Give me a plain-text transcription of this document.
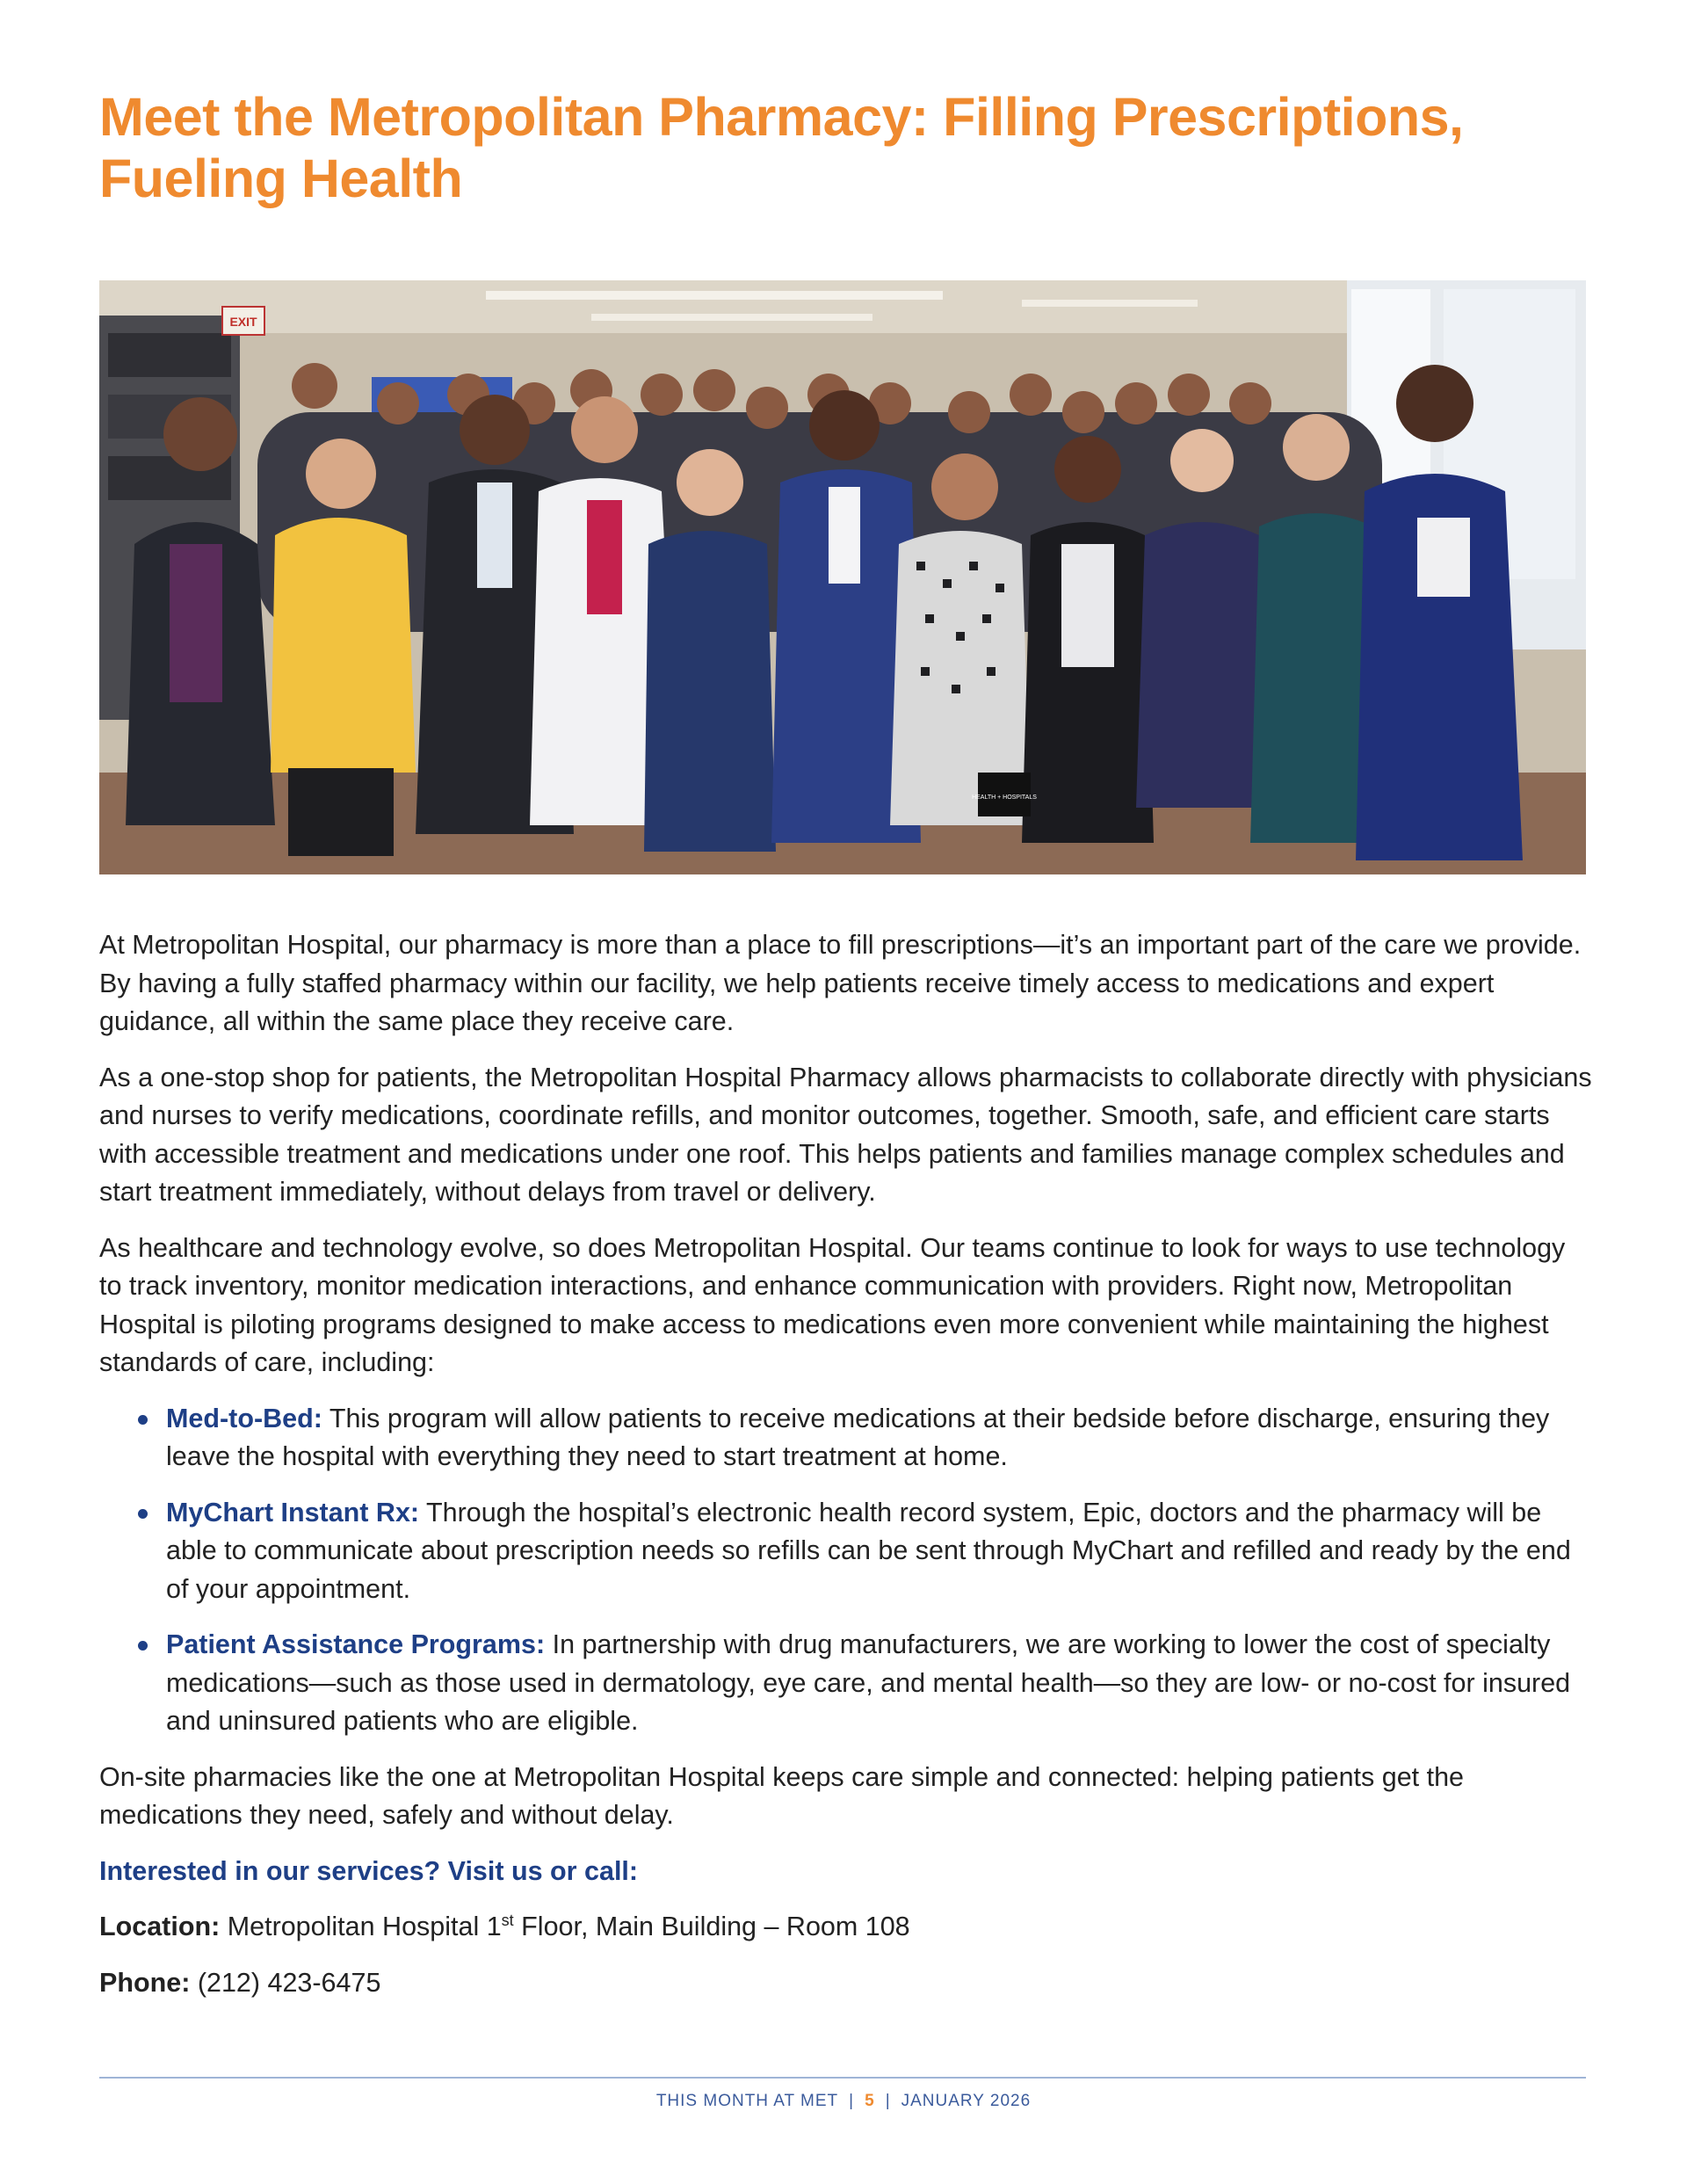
Meet the Metropolitan Pharmacy: Filling Prescriptions,
Fueling Health
EXIT
HEALTH + HOSPITALS

At Metropolitan Hospital, our pharmacy is more than a place to fill prescriptions—it’s an important part of the care we provide. By having a fully staffed pharmacy within our facility, we help patients receive timely access to medications and expert guidance, all within the same place they receive care.

As a one-stop shop for patients, the Metropolitan Hospital Pharmacy allows pharmacists to collaborate directly with physicians and nurses to verify medications, coordinate refills, and monitor outcomes, together. Smooth, safe, and efficient care starts with accessible treatment and medications under one roof. This helps patients and families manage complex schedules and start treatment immediately, without delays from travel or delivery.

As healthcare and technology evolve, so does Metropolitan Hospital. Our teams continue to look for ways to use technology to track inventory, monitor medication interactions, and enhance communication with providers. Right now, Metropolitan Hospital is piloting programs designed to make access to medications even more convenient while maintaining the highest standards of care, including:

Med-to-Bed: This program will allow patients to receive medications at their bedside before discharge, ensuring they leave the hospital with everything they need to start treatment at home.
MyChart Instant Rx: Through the hospital’s electronic health record system, Epic, doctors and the pharmacy will be able to communicate about prescription needs so refills can be sent through MyChart and refilled and ready by the end of your appointment.
Patient Assistance Programs: In partnership with drug manufacturers, we are working to lower the cost of specialty medications—such as those used in dermatology, eye care, and mental health—so they are low- or no-cost for insured and uninsured patients who are eligible.

On-site pharmacies like the one at Metropolitan Hospital keeps care simple and connected: helping patients get the medications they need, safely and without delay.

Interested in our services? Visit us or call:

Location: Metropolitan Hospital 1st Floor, Main Building – Room 108

Phone: (212) 423-6475

THIS MONTH AT MET | 5 | JANUARY 2026
